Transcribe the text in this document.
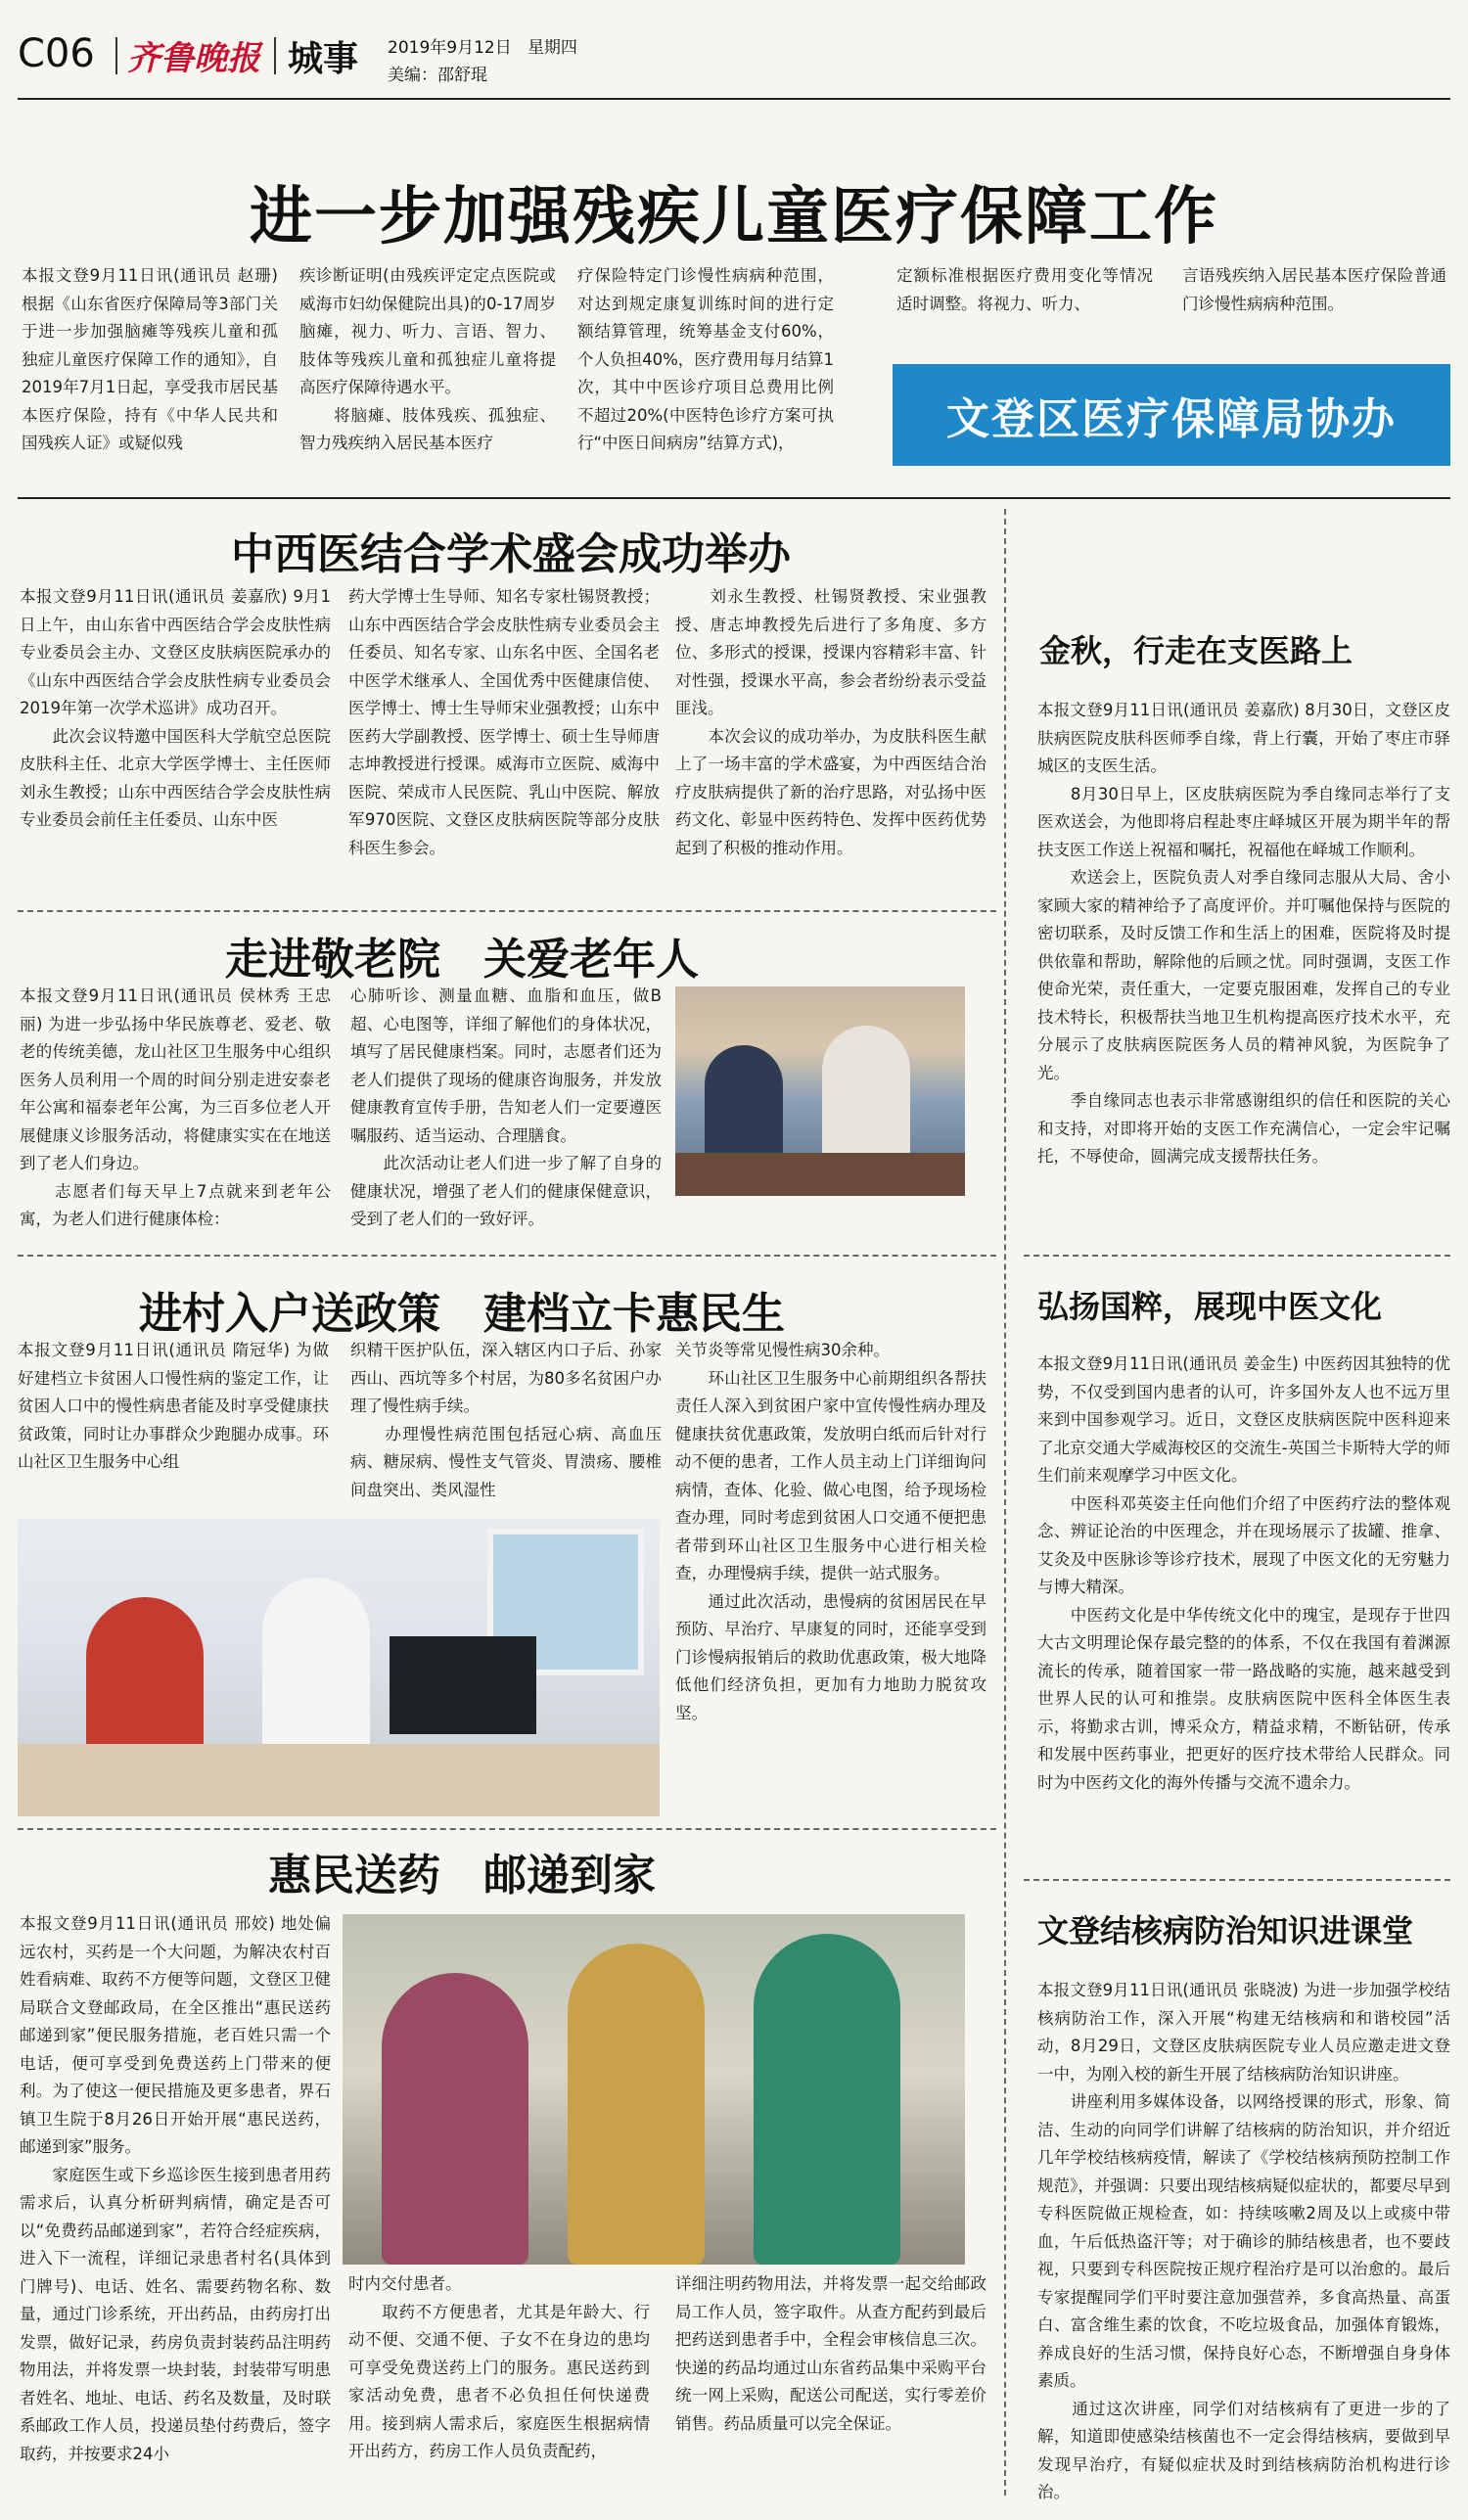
C06 齐鲁晚报 城事 2019年9月12日 星期四
美编：邵舒琨
进一步加强残疾儿童医疗保障工作
本报文登9月11日讯(通讯员 赵珊) 根据《山东省医疗保障局等3部门关于进一步加强脑瘫等残疾儿童和孤独症儿童医疗保障工作的通知》，自2019年7月1日起，享受我市居民基本医疗保险，持有《中华人民共和国残疾人证》或疑似残
疾诊断证明(由残疾评定定点医院或威海市妇幼保健院出具)的0-17周岁脑瘫，视力、听力、言语、智力、肢体等残疾儿童和孤独症儿童将提高医疗保障待遇水平。
　　将脑瘫、肢体残疾、孤独症、智力残疾纳入居民基本医疗
疗保险特定门诊慢性病病种范围，对达到规定康复训练时间的进行定额结算管理，统筹基金支付60%，个人负担40%，医疗费用每月结算1次，其中中医诊疗项目总费用比例不超过20%(中医特色诊疗方案可执行“中医日间病房”结算方式)，
定额标准根据医疗费用变化等情况适时调整。将视力、听力、
言语残疾纳入居民基本医疗保险普通门诊慢性病病种范围。
文登区医疗保障局协办
中西医结合学术盛会成功举办
本报文登9月11日讯(通讯员 姜嘉欣) 9月1日上午，由山东省中西医结合学会皮肤性病专业委员会主办、文登区皮肤病医院承办的《山东中西医结合学会皮肤性病专业委员会2019年第一次学术巡讲》成功召开。
　　此次会议特邀中国医科大学航空总医院皮肤科主任、北京大学医学博士、主任医师刘永生教授；山东中西医结合学会皮肤性病专业委员会前任主任委员、山东中医
药大学博士生导师、知名专家杜锡贤教授；山东中西医结合学会皮肤性病专业委员会主任委员、知名专家、山东名中医、全国名老中医学术继承人、全国优秀中医健康信使、医学博士、博士生导师宋业强教授；山东中医药大学副教授、医学博士、硕士生导师唐志坤教授进行授课。威海市立医院、威海中医院、荣成市人民医院、乳山中医院、解放军970医院、文登区皮肤病医院等部分皮肤科医生参会。
　　刘永生教授、杜锡贤教授、宋业强教授、唐志坤教授先后进行了多角度、多方位、多形式的授课，授课内容精彩丰富、针对性强，授课水平高，参会者纷纷表示受益匪浅。
　　本次会议的成功举办，为皮肤科医生献上了一场丰富的学术盛宴，为中西医结合治疗皮肤病提供了新的治疗思路，对弘扬中医药文化、彰显中医药特色、发挥中医药优势起到了积极的推动作用。
金秋，行走在支医路上
本报文登9月11日讯(通讯员 姜嘉欣) 8月30日，文登区皮肤病医院皮肤科医师季自缘，背上行囊，开始了枣庄市驿城区的支医生活。
　　8月30日早上，区皮肤病医院为季自缘同志举行了支医欢送会，为他即将启程赴枣庄峄城区开展为期半年的帮扶支医工作送上祝福和嘱托，祝福他在峄城工作顺利。
　　欢送会上，医院负责人对季自缘同志服从大局、舍小家顾大家的精神给予了高度评价。并叮嘱他保持与医院的密切联系，及时反馈工作和生活上的困难，医院将及时提供依靠和帮助，解除他的后顾之忧。同时强调，支医工作使命光荣，责任重大，一定要克服困难，发挥自己的专业技术特长，积极帮扶当地卫生机构提高医疗技术水平，充分展示了皮肤病医院医务人员的精神风貌，为医院争了光。
　　季自缘同志也表示非常感谢组织的信任和医院的关心和支持，对即将开始的支医工作充满信心，一定会牢记嘱托，不辱使命，圆满完成支援帮扶任务。
走进敬老院　关爱老年人
本报文登9月11日讯(通讯员 侯林秀 王忠丽) 为进一步弘扬中华民族尊老、爱老、敬老的传统美德，龙山社区卫生服务中心组织医务人员利用一个周的时间分别走进安泰老年公寓和福泰老年公寓，为三百多位老人开展健康义诊服务活动，将健康实实在在地送到了老人们身边。
　　志愿者们每天早上7点就来到老年公寓，为老人们进行健康体检：
心肺听诊、测量血糖、血脂和血压，做B超、心电图等，详细了解他们的身体状况，填写了居民健康档案。同时，志愿者们还为老人们提供了现场的健康咨询服务，并发放健康教育宣传手册，告知老人们一定要遵医嘱服药、适当运动、合理膳食。
　　此次活动让老人们进一步了解了自身的健康状况，增强了老人们的健康保健意识，受到了老人们的一致好评。
进村入户送政策　建档立卡惠民生
本报文登9月11日讯(通讯员 隋冠华) 为做好建档立卡贫困人口慢性病的鉴定工作，让贫困人口中的慢性病患者能及时享受健康扶贫政策，同时让办事群众少跑腿办成事。环山社区卫生服务中心组
织精干医护队伍，深入辖区内口子后、孙家西山、西坑等多个村居，为80多名贫困户办理了慢性病手续。
　　办理慢性病范围包括冠心病、高血压病、糖尿病、慢性支气管炎、胃溃疡、腰椎间盘突出、类风湿性
关节炎等常见慢性病30余种。
　　环山社区卫生服务中心前期组织各帮扶责任人深入到贫困户家中宣传慢性病办理及健康扶贫优惠政策，发放明白纸而后针对行动不便的患者，工作人员主动上门详细询问病情，查体、化验、做心电图，给予现场检查办理，同时考虑到贫困人口交通不便把患者带到环山社区卫生服务中心进行相关检查，办理慢病手续，提供一站式服务。
　　通过此次活动，患慢病的贫困居民在早预防、早治疗、早康复的同时，还能享受到门诊慢病报销后的救助优惠政策，极大地降低他们经济负担，更加有力地助力脱贫攻坚。
弘扬国粹，展现中医文化
本报文登9月11日讯(通讯员 姜金生) 中医药因其独特的优势，不仅受到国内患者的认可，许多国外友人也不远万里来到中国参观学习。近日，文登区皮肤病医院中医科迎来了北京交通大学威海校区的交流生-英国兰卡斯特大学的师生们前来观摩学习中医文化。
　　中医科邓英姿主任向他们介绍了中医药疗法的整体观念、辨证论治的中医理念，并在现场展示了拔罐、推拿、艾灸及中医脉诊等诊疗技术，展现了中医文化的无穷魅力与博大精深。
　　中医药文化是中华传统文化中的瑰宝，是现存于世四大古文明理论保存最完整的的体系，不仅在我国有着渊源流长的传承，随着国家一带一路战略的实施，越来越受到世界人民的认可和推崇。皮肤病医院中医科全体医生表示，将勤求古训，博采众方，精益求精，不断钻研，传承和发展中医药事业，把更好的医疗技术带给人民群众。同时为中医药文化的海外传播与交流不遗余力。
惠民送药　邮递到家
本报文登9月11日讯(通讯员 邢姣) 地处偏远农村，买药是一个大问题，为解决农村百姓看病难、取药不方便等问题，文登区卫健局联合文登邮政局，在全区推出“惠民送药邮递到家”便民服务措施，老百姓只需一个电话，便可享受到免费送药上门带来的便利。为了使这一便民措施及更多患者，界石镇卫生院于8月26日开始开展“惠民送药，邮递到家”服务。
　　家庭医生或下乡巡诊医生接到患者用药需求后，认真分析研判病情，确定是否可以“免费药品邮递到家”，若符合经症疾病，进入下一流程，详细记录患者村名(具体到门牌号)、电话、姓名、需要药物名称、数量，通过门诊系统，开出药品，由药房打出发票，做好记录，药房负责封装药品注明药物用法，并将发票一块封装，封装带写明患者姓名、地址、电话、药名及数量，及时联系邮政工作人员，投递员垫付药费后，签字取药，并按要求24小
时内交付患者。
　　取药不方便患者，尤其是年龄大、行动不便、交通不便、子女不在身边的患均可享受免费送药上门的服务。惠民送药到家活动免费，患者不必负担任何快递费用。接到病人需求后，家庭医生根据病情开出药方，药房工作人员负责配药，
详细注明药物用法，并将发票一起交给邮政局工作人员，签字取件。从查方配药到最后把药送到患者手中，全程会审核信息三次。快递的药品均通过山东省药品集中采购平台统一网上采购，配送公司配送，实行零差价销售。药品质量可以完全保证。
文登结核病防治知识进课堂
本报文登9月11日讯(通讯员 张晓波) 为进一步加强学校结核病防治工作，深入开展“构建无结核病和和谐校园”活动，8月29日，文登区皮肤病医院专业人员应邀走进文登一中，为刚入校的新生开展了结核病防治知识讲座。
　　讲座利用多媒体设备，以网络授课的形式，形象、简洁、生动的向同学们讲解了结核病的防治知识，并介绍近几年学校结核病疫情，解读了《学校结核病预防控制工作规范》，并强调：只要出现结核病疑似症状的，都要尽早到专科医院做正规检查，如：持续咳嗽2周及以上或痰中带血，午后低热盗汗等；对于确诊的肺结核患者，也不要歧视，只要到专科医院按正规疗程治疗是可以治愈的。最后专家提醒同学们平时要注意加强营养，多食高热量、高蛋白、富含维生素的饮食，不吃垃圾食品，加强体育锻炼，养成良好的生活习惯，保持良好心态，不断增强自身身体素质。
　　通过这次讲座，同学们对结核病有了更进一步的了解，知道即使感染结核菌也不一定会得结核病，要做到早发现早治疗，有疑似症状及时到结核病防治机构进行诊治。
